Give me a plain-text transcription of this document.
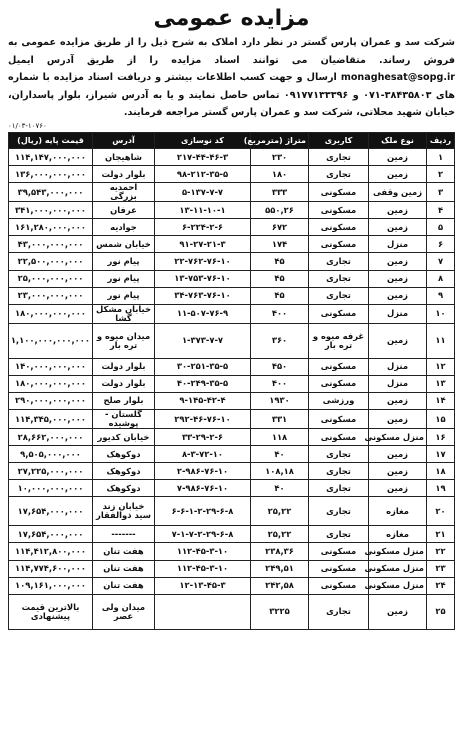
مزایده عمومی
شرکت سد و عمران پارس گستر در نظر دارد املاک به شرح ذیل را از طریق مزایده عمومی به فروش رساند. متقاضیان می توانند اسناد مزایده را از طریق آدرس ایمیل monaghesat@sopg.ir ارسال و جهت کسب اطلاعات بیشتر و دریافت اسناد مزایده با شماره های ۳۸۴۳۵۸۰۳-۰۷۱ و ۰۹۱۷۷۱۳۳۳۹۶ تماس حاصل نمایند و یا به آدرس شیراز، بلوار پاسداران، خیابان شهید محلاتی، شرکت سد و عمران پارس گستر مراجعه فرمایند.
۰۱/۰۳-۱۰۷۶۰
ردیف	نوع ملک	کاربری	متراژ (مترمربع)	کد نوسازی	آدرس	قیمت پایه (ریال)
۱	زمین	تجاری	۲۳۰	۲۱۷-۴۴-۴۶-۳	شاهیجان	۱۱۴,۱۴۷,۰۰۰,۰۰۰
۲	زمین	تجاری	۱۸۰	۹۸-۲۱۲-۳۵-۵	بلوار دولت	۱۳۶,۰۰۰,۰۰۰,۰۰۰
۳	زمین وقفی	مسکونی	۳۳۳	۵-۱۳۷-۷-۷	احمدیه بزرگی	۳۹,۵۴۳,۰۰۰,۰۰۰
۴	زمین	مسکونی	۵۵۰,۲۶	۱۳-۱۱-۱۰-۱	عرفان	۳۴۱,۰۰۰,۰۰۰,۰۰۰
۵	زمین	مسکونی	۶۷۲	۶-۲۲۴-۲-۶	جوادیه	۱۶۱,۲۸۰,۰۰۰,۰۰۰
۶	منزل	مسکونی	۱۷۴	۹۱-۲۷-۲۱-۳	خیابان شمس	۴۳,۰۰۰,۰۰۰,۰۰۰
۷	زمین	تجاری	۴۵	۲۲-۷۶۲-۷۶-۱۰	پیام نور	۲۲,۵۰۰,۰۰۰,۰۰۰
۸	زمین	تجاری	۴۵	۱۳-۷۵۳-۷۶-۱۰	پیام نور	۲۵,۰۰۰,۰۰۰,۰۰۰
۹	زمین	تجاری	۴۵	۳۴-۷۶۳-۷۶-۱۰	پیام نور	۲۳,۰۰۰,۰۰۰,۰۰۰
۱۰	منزل	مسکونی	۴۰۰	۱۱-۵۰۷-۷۶-۹	خیابان مشکل گشا	۱۸۰,۰۰۰,۰۰۰,۰۰۰
۱۱	زمین	غرفه میوه و تره بار	۳۶۰	۱-۳۷۳-۷-۷	میدان میوه و تره بار	۱,۱۰۰,۰۰۰,۰۰۰,۰۰۰
۱۲	منزل	مسکونی	۴۵۰	۳۰-۲۵۱-۳۵-۵	بلوار دولت	۱۴۰,۰۰۰,۰۰۰,۰۰۰
۱۳	منزل	مسکونی	۴۰۰	۴۰-۲۴۹-۳۵-۵	بلوار دولت	۱۸۰,۰۰۰,۰۰۰,۰۰۰
۱۴	زمین	ورزشی	۱۹۳۰	۹-۱۴۵-۴۲-۴	بلوار صلح	۲۹۰,۰۰۰,۰۰۰,۰۰۰
۱۵	زمین	مسکونی	۳۳۱	۲۹۲-۴۶-۷۶-۱۰	گلستان - پوشیده	۱۱۴,۳۴۵,۰۰۰,۰۰۰
۱۶	منزل مسکونی	مسکونی	۱۱۸	۳۳-۲۹-۲-۶	خیابان کدیور	۲۸,۶۶۲,۰۰۰,۰۰۰
۱۷	زمین	تجاری	۴۰	۸-۳-۷۲-۱۰	دوکوهک	۹,۵۰۵,۰۰۰,۰۰۰
۱۸	زمین	تجاری	۱۰۸,۱۸	۲-۹۸۶-۷۶-۱۰	دوکوهک	۲۷,۲۲۵,۰۰۰,۰۰۰
۱۹	زمین	تجاری	۴۰	۷-۹۸۶-۷۶-۱۰	دوکوهک	۱۰,۰۰۰,۰۰۰,۰۰۰
۲۰	مغازه	تجاری	۲۵,۲۲	۶-۶-۱-۲-۲۹-۶-۸	خیابان زند سید ذوالفقار	۱۷,۶۵۴,۰۰۰,۰۰۰
۲۱	مغازه	تجاری	۲۵,۲۲	۷-۱-۷-۲-۲۹-۶-۸	-------	۱۷,۶۵۴,۰۰۰,۰۰۰
۲۲	منزل مسکونی	مسکونی	۲۳۸,۳۶	۱۱۲-۴۵-۳-۱۰	هفت تنان	۱۱۴,۴۱۲,۸۰۰,۰۰۰
۲۳	منزل مسکونی	مسکونی	۲۴۹,۵۱	۱۱۲-۴۵-۳-۱۰	هفت تنان	۱۱۴,۷۷۴,۶۰۰,۰۰۰
۲۴	منزل مسکونی	مسکونی	۲۴۲,۵۸	۱۲-۱۳-۴۵-۳	هفت تنان	۱۰۹,۱۶۱,۰۰۰,۰۰۰
۲۵	زمین	تجاری	۳۲۲۵		میدان ولی عصر	بالاترین قیمت پیشنهادی
